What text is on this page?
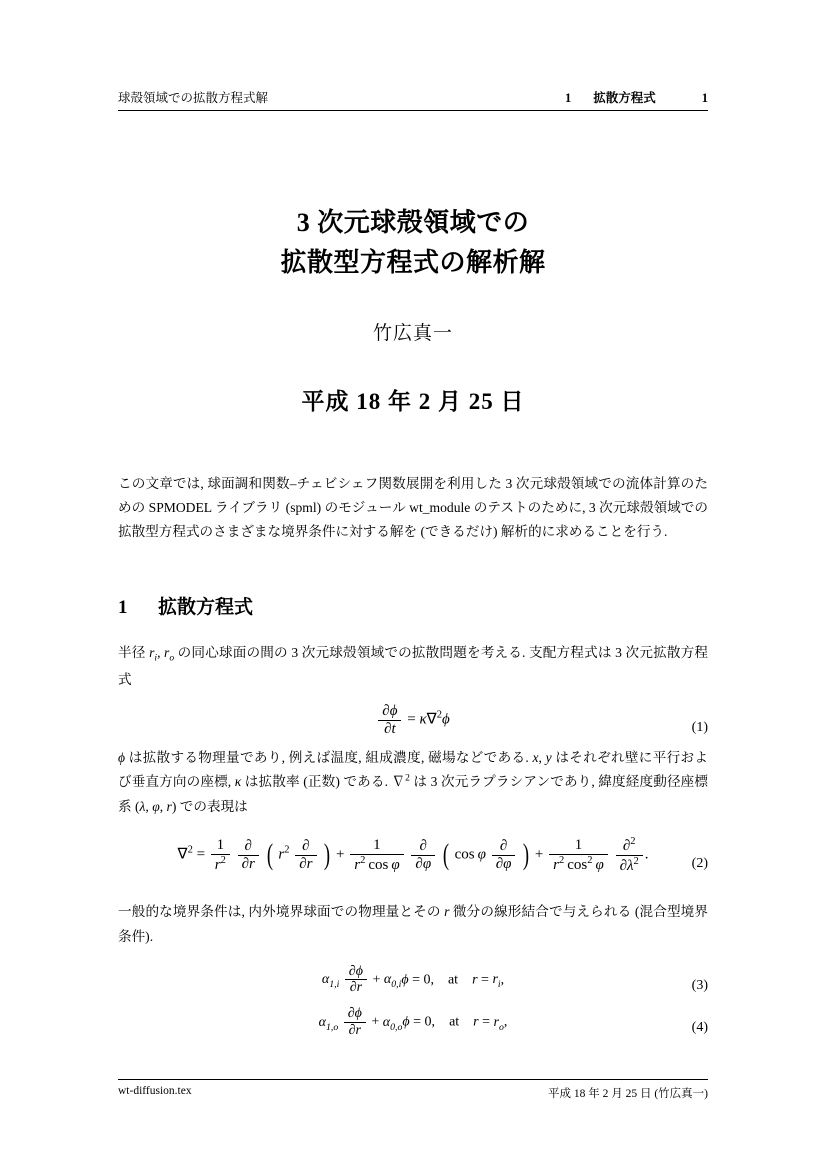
球殻領域での拡散方程式解	1 拡散方程式	1
3 次元球殻領域での
拡散型方程式の解析解
竹広真一
平成 18 年 2 月 25 日
この文章では, 球面調和関数–チェビシェフ関数展開を利用した 3 次元球殻領域での流体計算のための SPMODEL ライブラリ (spml) のモジュール wt_module のテストのために, 3 次元球殻領域での拡散型方程式のさまざまな境界条件に対する解を (できるだけ) 解析的に求めることを行う.
1	拡散方程式
半径 $r_i$, $r_o$ の同心球面の間の 3 次元球殻領域での拡散問題を考える. 支配方程式は 3 次元拡散方程式
$\frac{\partial\phi}{\partial t} = \kappa\nabla^2\phi$	(1)
ϕ は拡散する物理量であり, 例えば温度, 組成濃度, 磁場などである. x, y はそれぞれ壁に平行および垂直方向の座標, κ は拡散率 (正数) である. ∇$^2$ は 3 次元ラプラシアンであり, 緯度経度動径座標系 (λ, φ, r) での表現は
$\nabla^2 = \frac{1}{r^2}$
$\frac{\partial}{\partial r}$ ( $r^2 \frac{\partial}{\partial r}$ ) + $\frac{1}{r^2 \cos \varphi}$
$\frac{\partial}{\partial\varphi}$ ( cos φ $\frac{\partial}{\partial\varphi}$ ) + $\frac{1}{r^2 \cos^2 \varphi}$
$\frac{\partial^2}{\partial\lambda^2}$ .
(2)
一般的な境界条件は, 内外境界球面での物理量とその r 微分の線形結合で与えられる (混合型境界条件).
$\alpha_{1,i} \frac{\partial\phi}{\partial r} + \alpha_{0,i}\phi = 0$,    at $r = r_i$,	(3)
$\alpha_{1,o} \frac{\partial\phi}{\partial r} + \alpha_{0,o}\phi = 0$,    at $r = r_o$,	(4)
wt-diffusion.tex	平成 18 年 2 月 25 日 (竹広真一)
